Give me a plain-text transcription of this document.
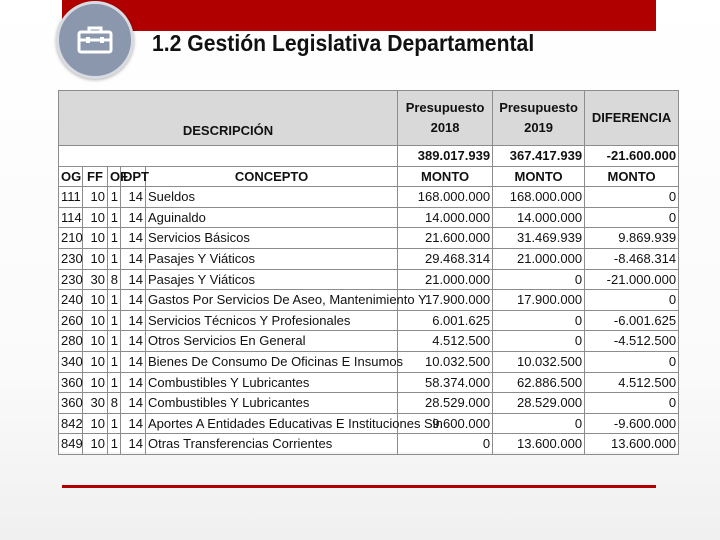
1.2 Gestión Legislativa Departamental
DESCRIPCIÓN					Presupuesto 2018	Presupuesto 2019	DIFERENCIA
					389.017.939	367.417.939	-21.600.000
OG	FF	OF	DPT	CONCEPTO	MONTO	MONTO	MONTO
111	10	1	14	Sueldos	168.000.000	168.000.000	0
114	10	1	14	Aguinaldo	14.000.000	14.000.000	0
210	10	1	14	Servicios Básicos	21.600.000	31.469.939	9.869.939
230	10	1	14	Pasajes Y Viáticos	29.468.314	21.000.000	-8.468.314
230	30	8	14	Pasajes Y Viáticos	21.000.000	0	-21.000.000
240	10	1	14	Gastos Por Servicios De Aseo, Mantenimiento Y	17.900.000	17.900.000	0
260	10	1	14	Servicios Técnicos Y Profesionales	6.001.625	0	-6.001.625
280	10	1	14	Otros Servicios En General	4.512.500	0	-4.512.500
340	10	1	14	Bienes De Consumo De Oficinas E Insumos	10.032.500	10.032.500	0
360	10	1	14	Combustibles Y Lubricantes	58.374.000	62.886.500	4.512.500
360	30	8	14	Combustibles Y Lubricantes	28.529.000	28.529.000	0
842	10	1	14	Aportes A Entidades Educativas E Instituciones Sin	9.600.000	0	-9.600.000
849	10	1	14	Otras Transferencias Corrientes	0	13.600.000	13.600.000
